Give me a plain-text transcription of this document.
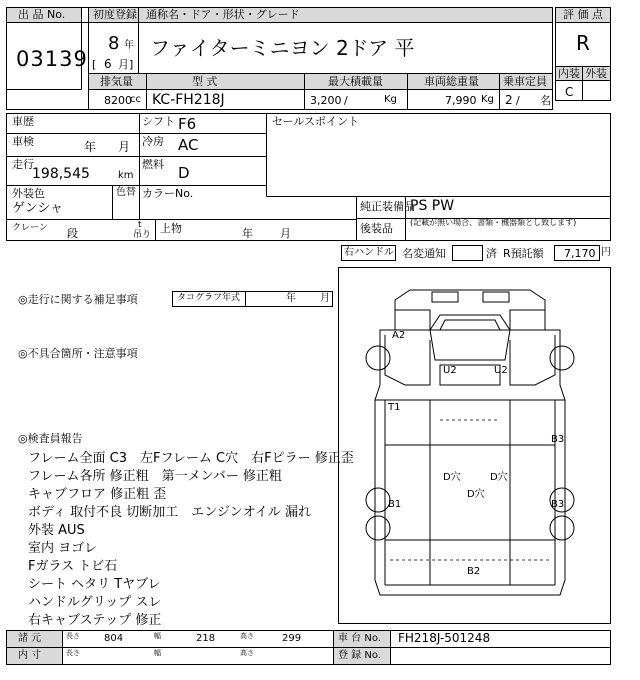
出 品 No.
03139
初度登録 通称名・ドア・形状・グレード
8 年
[ 6 月]
ファイターミニヨン 2ドア 平
評 価 点
R
内装 外装
C
排気量	型 式	最大積載量	車両総重量 乗車定員
8200
cc KC-FH218J	3,200 /	Kg	7,990 Kg 2 / 名
車歴	シフト F6	セールスポイント
車検	年 月 冷房 AC
走行
198,545	km
燃料 D
外装色
ゲンシャ
色替 カラーNo.
純正装備品
PS PW
後装品 (記載が無い場合、書類・機器類とし致します)
クレーン 段
t
吊り 上物	年 月
右ハンドル 名変通知	済 R預託額 7,170 円
◎走行に関する補足事項	タコグラフ年式	年 月
◎不具合箇所・注意事項
◎検査員報告
フレーム全面 C3　左Fフレーム C穴　右Fピラー 修正歪
フレーム各所 修正粗　第一メンバー 修正粗
キャブフロア 修正粗 歪
ボディ 取付不良 切断加工　エンジンオイル 漏れ
外装 AUS
室内 ヨゴレ
Fガラス トビ石
シート ヘタリ Tヤブレ
ハンドルグリップ スレ
右キャブステップ 修正
A2
U2	U2
T1
B3
D穴	D穴
D穴
B1	B3
B2
諸 元	長さ 804	幅	218	高さ	299	車 台 No. FH218J-501248
内 寸	長さ	幅	高さ	登 録 No.
